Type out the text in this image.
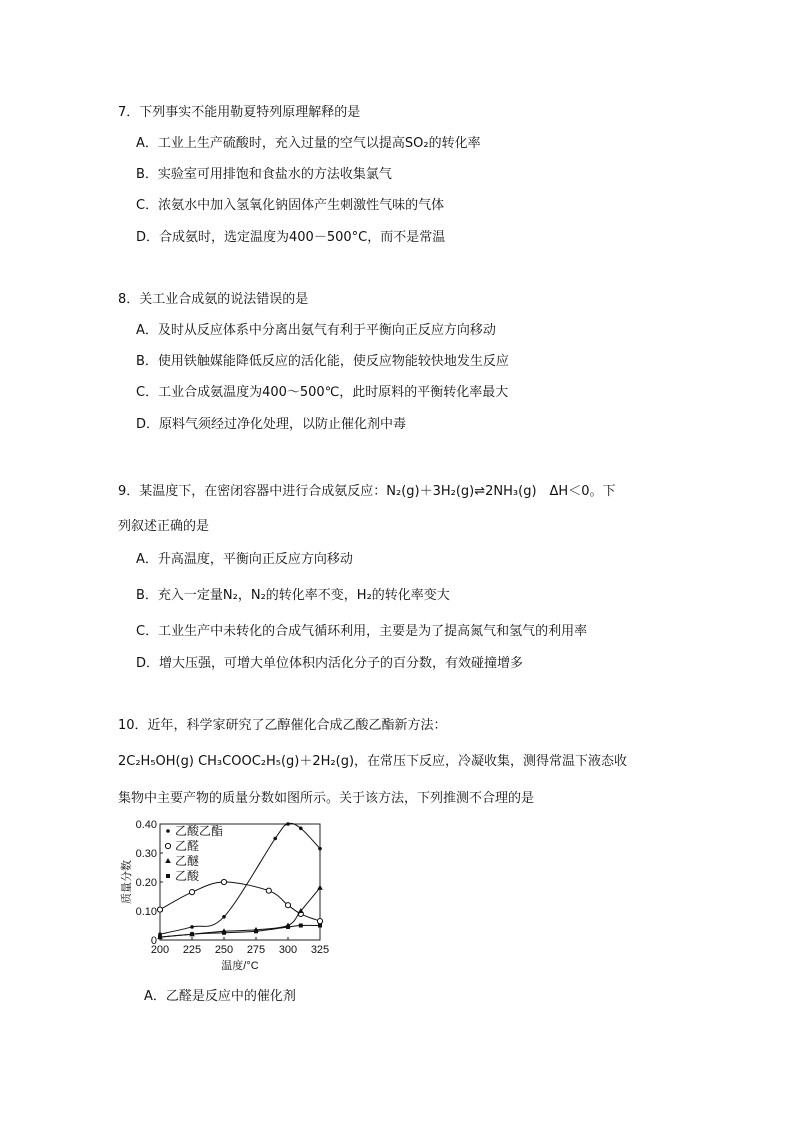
7．下列事实不能用勒夏特列原理解释的是
A．工业上生产硫酸时，充入过量的空气以提高SO₂的转化率
B．实验室可用排饱和食盐水的方法收集氯气
C．浓氨水中加入氢氧化钠固体产生刺激性气味的气体
D．合成氨时，选定温度为400－500°C，而不是常温
8．关工业合成氨的说法错误的是
A．及时从反应体系中分离出氨气有利于平衡向正反应方向移动
B．使用铁触媒能降低反应的活化能，使反应物能较快地发生反应
C．工业合成氨温度为400～500℃，此时原料的平衡转化率最大
D．原料气须经过净化处理，以防止催化剂中毒
9．某温度下，在密闭容器中进行合成氨反应：N₂(g)＋3H₂(g)⇌2NH₃(g)　ΔH＜0。下
列叙述正确的是
A．升高温度，平衡向正反应方向移动
B．充入一定量N₂，N₂的转化率不变，H₂的转化率变大
C．工业生产中未转化的合成气循环利用，主要是为了提高氮气和氢气的利用率
D．增大压强，可增大单位体积内活化分子的百分数，有效碰撞增多
10．近年，科学家研究了乙醇催化合成乙酸乙酯新方法：
2C₂H₅OH(g) CH₃COOC₂H₅(g)＋2H₂(g)，在常压下反应，冷凝收集，测得常温下液态收
集物中主要产物的质量分数如图所示。关于该方法，下列推测不合理的是
0
0.10
0.20
0.30
0.40
200 225 250 275 300 325
温度/°C
质量分数
乙酸乙酯
乙醛
乙醚
乙酸
A．乙醛是反应中的催化剂
